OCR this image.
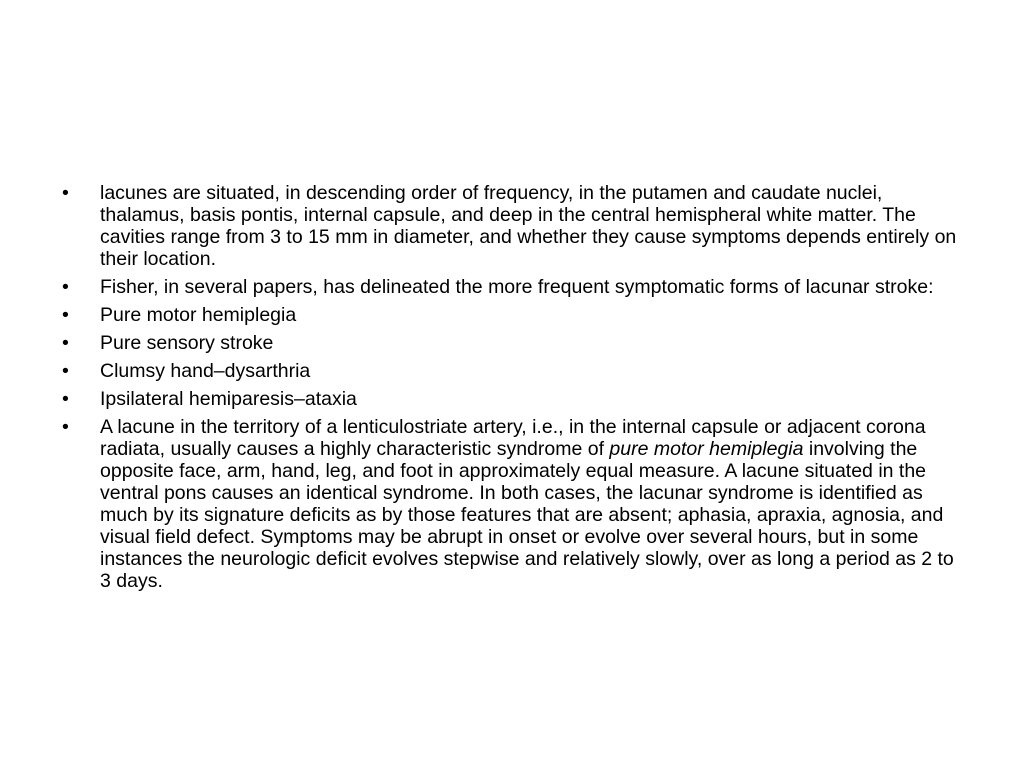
• lacunes are situated, in descending order of frequency, in the putamen and caudate nuclei, thalamus, basis pontis, internal capsule, and deep in the central hemispheral white matter. The cavities range from 3 to 15 mm in diameter, and whether they cause symptoms depends entirely on their location.
• Fisher, in several papers, has delineated the more frequent symptomatic forms of lacunar stroke:
• Pure motor hemiplegia
• Pure sensory stroke
• Clumsy hand–dysarthria
• Ipsilateral hemiparesis–ataxia
• A lacune in the territory of a lenticulostriate artery, i.e., in the internal capsule or adjacent corona radiata, usually causes a highly characteristic syndrome of pure motor hemiplegia involving the opposite face, arm, hand, leg, and foot in approximately equal measure. A lacune situated in the ventral pons causes an identical syndrome. In both cases, the lacunar syndrome is identified as much by its signature deficits as by those features that are absent; aphasia, apraxia, agnosia, and visual field defect. Symptoms may be abrupt in onset or evolve over several hours, but in some instances the neurologic deficit evolves stepwise and relatively slowly, over as long a period as 2 to 3 days.
